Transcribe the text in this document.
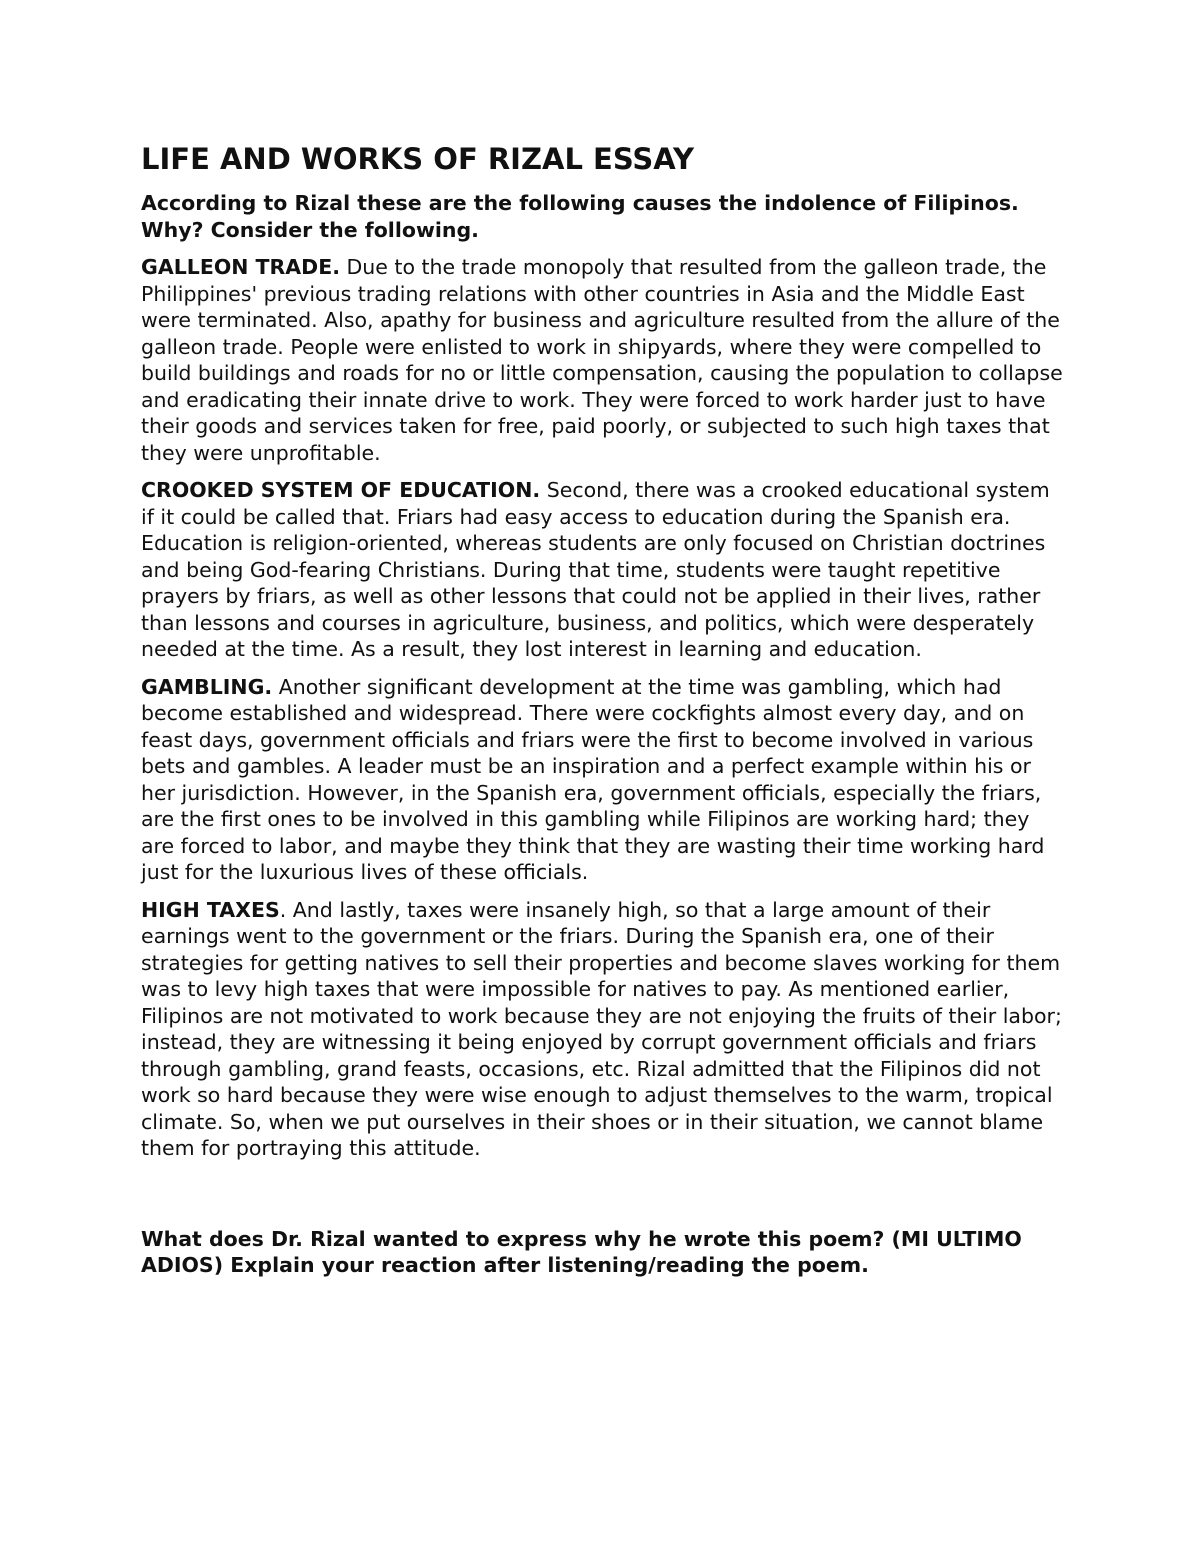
LIFE AND WORKS OF RIZAL ESSAY

According to Rizal these are the following causes the indolence of Filipinos. Why? Consider the following.

GALLEON TRADE. Due to the trade monopoly that resulted from the galleon trade, the Philippines' previous trading relations with other countries in Asia and the Middle East were terminated. Also, apathy for business and agriculture resulted from the allure of the galleon trade. People were enlisted to work in shipyards, where they were compelled to build buildings and roads for no or little compensation, causing the population to collapse and eradicating their innate drive to work. They were forced to work harder just to have their goods and services taken for free, paid poorly, or subjected to such high taxes that they were unprofitable.

CROOKED SYSTEM OF EDUCATION. Second, there was a crooked educational system if it could be called that. Friars had easy access to education during the Spanish era. Education is religion-oriented, whereas students are only focused on Christian doctrines and being God-fearing Christians. During that time, students were taught repetitive prayers by friars, as well as other lessons that could not be applied in their lives, rather than lessons and courses in agriculture, business, and politics, which were desperately needed at the time. As a result, they lost interest in learning and education.

GAMBLING. Another significant development at the time was gambling, which had become established and widespread. There were cockfights almost every day, and on feast days, government officials and friars were the first to become involved in various bets and gambles. A leader must be an inspiration and a perfect example within his or her jurisdiction. However, in the Spanish era, government officials, especially the friars, are the first ones to be involved in this gambling while Filipinos are working hard; they are forced to labor, and maybe they think that they are wasting their time working hard just for the luxurious lives of these officials.

HIGH TAXES. And lastly, taxes were insanely high, so that a large amount of their earnings went to the government or the friars. During the Spanish era, one of their strategies for getting natives to sell their properties and become slaves working for them was to levy high taxes that were impossible for natives to pay. As mentioned earlier, Filipinos are not motivated to work because they are not enjoying the fruits of their labor; instead, they are witnessing it being enjoyed by corrupt government officials and friars through gambling, grand feasts, occasions, etc. Rizal admitted that the Filipinos did not work so hard because they were wise enough to adjust themselves to the warm, tropical climate. So, when we put ourselves in their shoes or in their situation, we cannot blame them for portraying this attitude.

What does Dr. Rizal wanted to express why he wrote this poem? (MI ULTIMO ADIOS) Explain your reaction after listening/reading the poem.
